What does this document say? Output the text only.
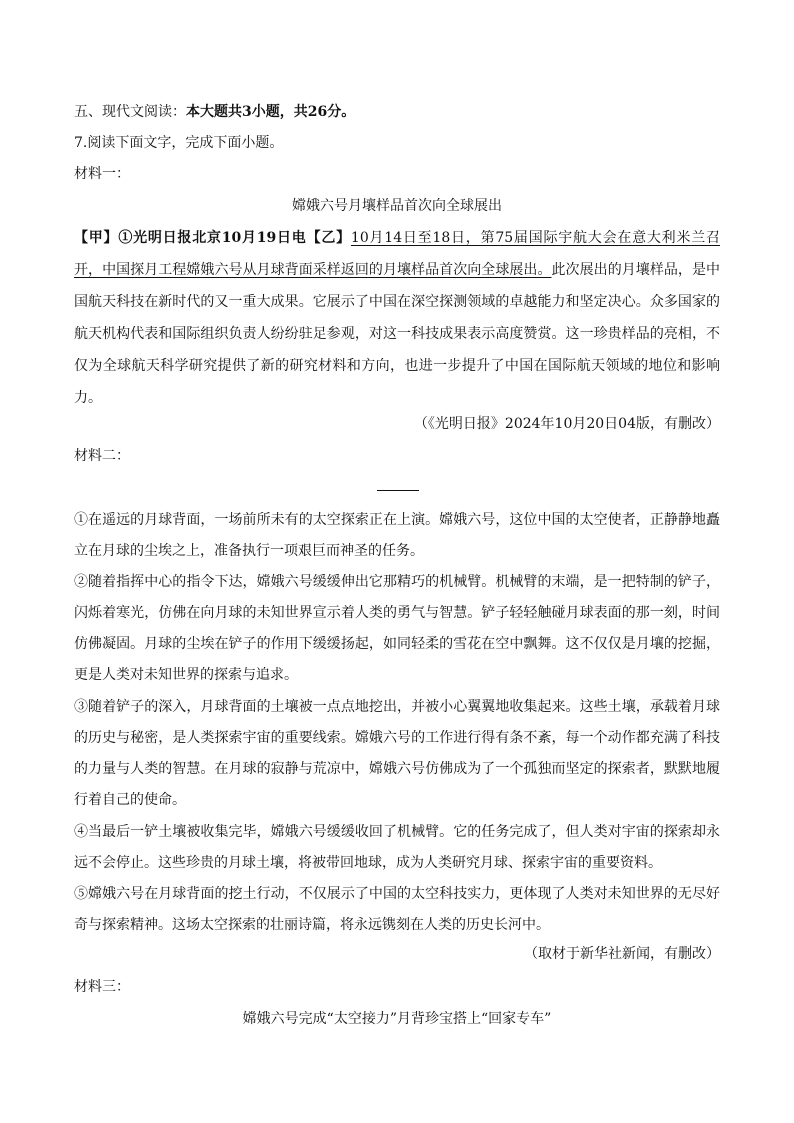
五、现代文阅读：本大题共3小题，共26分。
7.阅读下面文字，完成下面小题。
材料一：
嫦娥六号月壤样品首次向全球展出
【甲】①光明日报北京10月19日电【乙】10月14日至18日，第75届国际宇航大会在意大利米兰召
开，中国探月工程嫦娥六号从月球背面采样返回的月壤样品首次向全球展出。此次展出的月壤样品，是中
国航天科技在新时代的又一重大成果。它展示了中国在深空探测领域的卓越能力和坚定决心。众多国家的
航天机构代表和国际组织负责人纷纷驻足参观，对这一科技成果表示高度赞赏。这一珍贵样品的亮相，不
仅为全球航天科学研究提供了新的研究材料和方向，也进一步提升了中国在国际航天领域的地位和影响
力。
（《光明日报》2024年10月20日04版，有删改）
材料二：
①在遥远的月球背面，一场前所未有的太空探索正在上演。嫦娥六号，这位中国的太空使者，正静静地矗
立在月球的尘埃之上，准备执行一项艰巨而神圣的任务。
②随着指挥中心的指令下达，嫦娥六号缓缓伸出它那精巧的机械臂。机械臂的末端，是一把特制的铲子，
闪烁着寒光，仿佛在向月球的未知世界宣示着人类的勇气与智慧。铲子轻轻触碰月球表面的那一刻，时间
仿佛凝固。月球的尘埃在铲子的作用下缓缓扬起，如同轻柔的雪花在空中飘舞。这不仅仅是月壤的挖掘，
更是人类对未知世界的探索与追求。
③随着铲子的深入，月球背面的土壤被一点点地挖出，并被小心翼翼地收集起来。这些土壤，承载着月球
的历史与秘密，是人类探索宇宙的重要线索。嫦娥六号的工作进行得有条不紊，每一个动作都充满了科技
的力量与人类的智慧。在月球的寂静与荒凉中，嫦娥六号仿佛成为了一个孤独而坚定的探索者，默默地履
行着自己的使命。
④当最后一铲土壤被收集完毕，嫦娥六号缓缓收回了机械臂。它的任务完成了，但人类对宇宙的探索却永
远不会停止。这些珍贵的月球土壤，将被带回地球，成为人类研究月球、探索宇宙的重要资料。
⑤嫦娥六号在月球背面的挖土行动，不仅展示了中国的太空科技实力，更体现了人类对未知世界的无尽好
奇与探索精神。这场太空探索的壮丽诗篇，将永远镌刻在人类的历史长河中。
（取材于新华社新闻，有删改）
材料三：
嫦娥六号完成“太空接力”月背珍宝搭上“回家专车”
